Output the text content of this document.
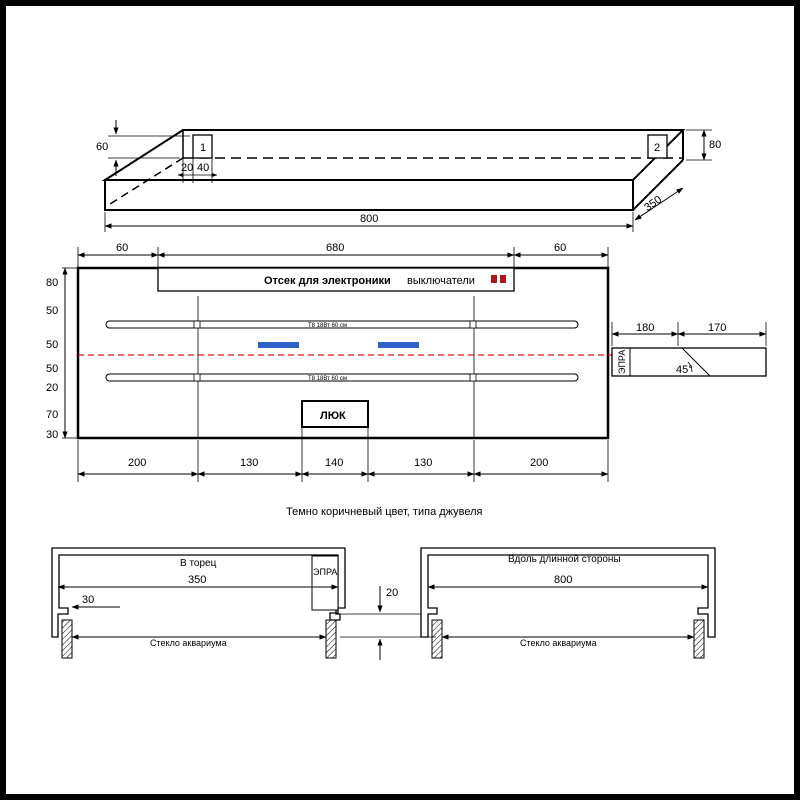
1	2
60
20 40
80
800
350
60	680	60
Отсек для электроники выключатели
T8 18Вт 60 см
T8 18Вт 60 см
ЛЮК
80
50
50
50
20
70
30
200	130	140	130	200
180	170
ЭПРА	45°
Темно коричневый цвет, типа джувеля
ЭПРА
В торец
350
30
Стекло аквариума
20
Вдоль длинной стороны
800
Стекло аквариума
